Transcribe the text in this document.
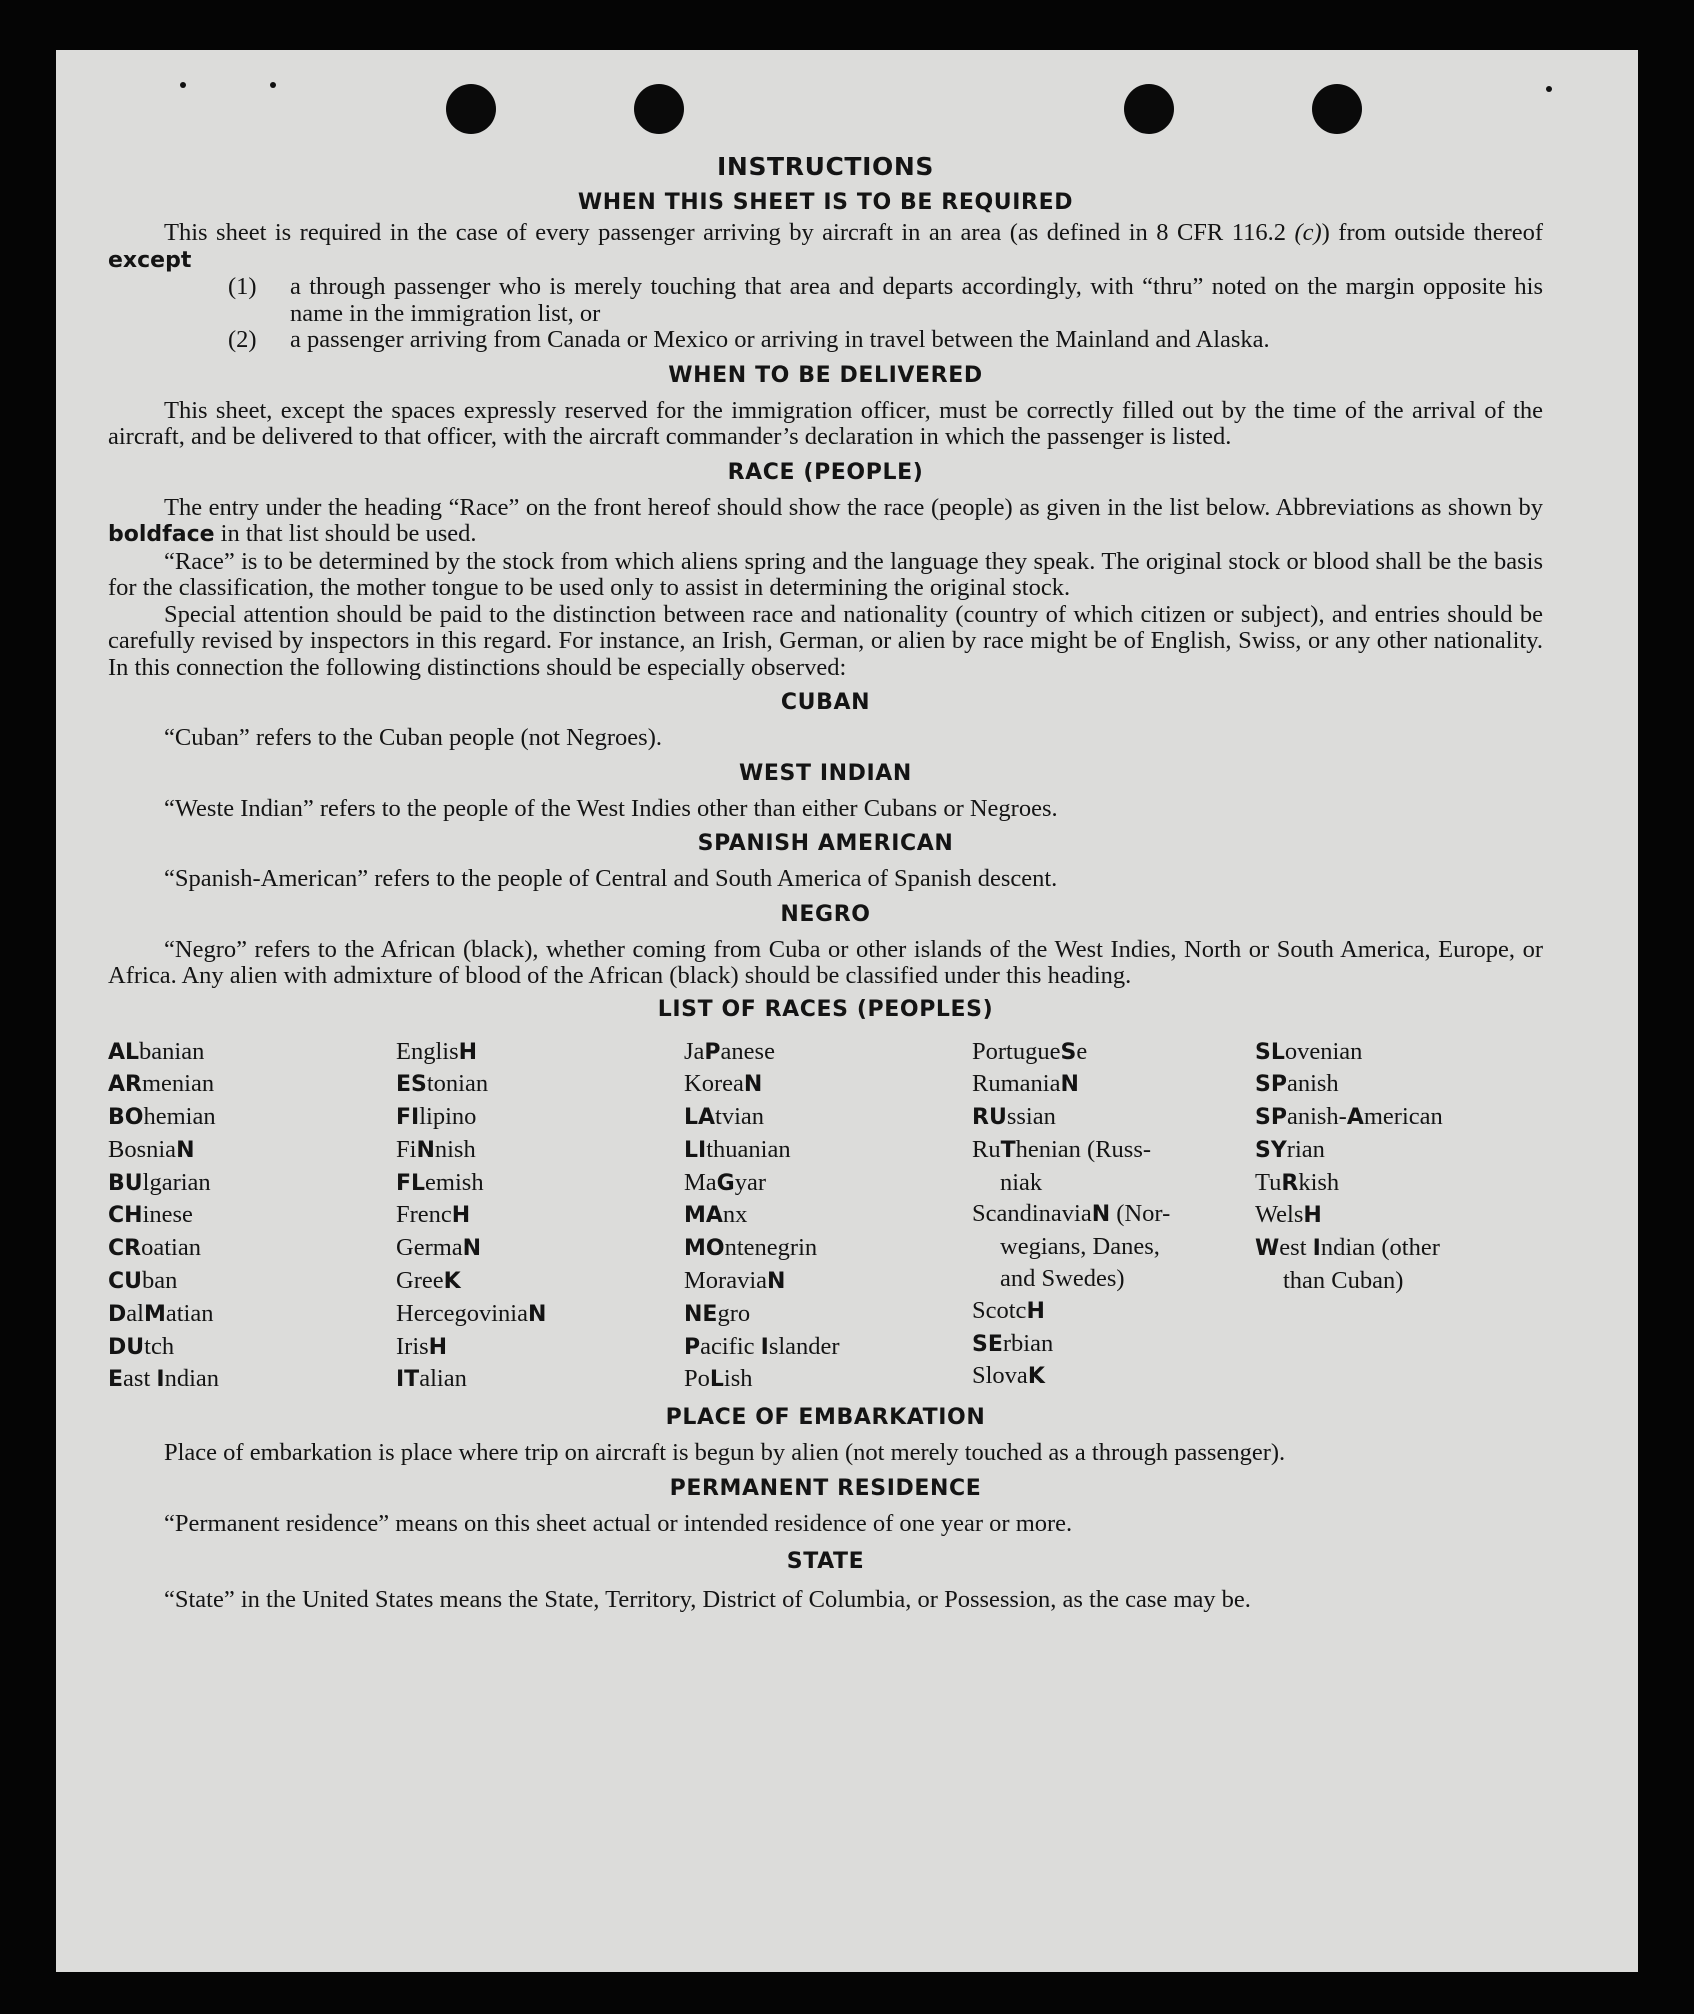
INSTRUCTIONS
WHEN THIS SHEET IS TO BE REQUIRED

This sheet is required in the case of every passenger arriving by aircraft in an area (as defined in 8 CFR 116.2 (c)) from outside thereof except

(1)	a through passenger who is merely touching that area and departs accordingly, with “thru” noted on the margin opposite his name in the immigration list, or
(2)	a passenger arriving from Canada or Mexico or arriving in travel between the Mainland and Alaska.
WHEN TO BE DELIVERED

This sheet, except the spaces expressly reserved for the immigration officer, must be correctly filled out by the time of the arrival of the aircraft, and be delivered to that officer, with the aircraft commander’s declaration in which the passenger is listed.

RACE (PEOPLE)

The entry under the heading “Race” on the front hereof should show the race (people) as given in the list below. Abbreviations as shown by boldface in that list should be used.

“Race” is to be determined by the stock from which aliens spring and the language they speak. The original stock or blood shall be the basis for the classification, the mother tongue to be used only to assist in determining the original stock.

Special attention should be paid to the distinction between race and nationality (country of which citizen or subject), and entries should be carefully revised by inspectors in this regard. For instance, an Irish, German, or alien by race might be of English, Swiss, or any other nationality. In this connection the following distinctions should be especially observed:

CUBAN

“Cuban” refers to the Cuban people (not Negroes).

WEST INDIAN

“Weste Indian” refers to the people of the West Indies other than either Cubans or Negroes.

SPANISH AMERICAN

“Spanish-American” refers to the people of Central and South America of Spanish descent.

NEGRO

“Negro” refers to the African (black), whether coming from Cuba or other islands of the West Indies, North or South America, Europe, or Africa. Any alien with admixture of blood of the African (black) should be classified under this heading.

LIST OF RACES (PEOPLES)
ALbanian
ARmenian
BOhemian
BosniaN
BUlgarian
CHinese
CRoatian
CUban
DalMatian
DUtch
East Indian
EnglisH
EStonian
FIlipino
FiNnish
FLemish
FrencH
GermaN
GreeK
HercegoviniaN
IrisH
ITalian
JaPanese
KoreaN
LAtvian
LIthuanian
MaGyar
MAnx
MOntenegrin
MoraviaN
NEgro
Pacific Islander
PoLish
PortugueSe
RumaniaN
RUssian
RuThenian (Russ-
niak
ScandinaviaN (Nor-
wegians, Danes,
and Swedes)
ScotcH
SErbian
SlovaK
SLovenian
SPanish
SPanish-American
SYrian
TuRkish
WelsH
West Indian (other
than Cuban)
PLACE OF EMBARKATION

Place of embarkation is place where trip on aircraft is begun by alien (not merely touched as a through passenger).

PERMANENT RESIDENCE

“Permanent residence” means on this sheet actual or intended residence of one year or more.

STATE

“State” in the United States means the State, Territory, District of Columbia, or Possession, as the case may be.
